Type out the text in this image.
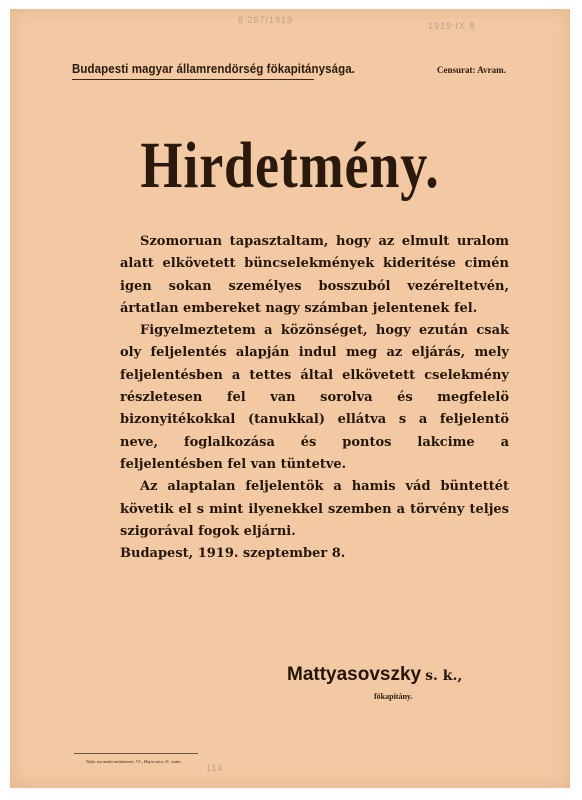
8 287/1919
1919 IX 8
114
Budapesti magyar államrendörség fökapitánysága.	Censurat: Avram.
Hirdetmény.

Szomoruan tapasztaltam, hogy az elmult uralom alatt elkövetett büncselekmények kideritése cimén igen sokan személyes bosszuból vezéreltetvén, ártatlan embereket nagy számban jelentenek fel.

Figyelmeztetem a közönséget, hogy ezután csak oly feljelentés alapján indul meg az eljárás, mely feljelentésben a tettes által elkövetett cselekmény részletesen fel van sorolva és megfelelö bizonyitékokkal (tanukkal) ellátva s a feljelentö neve, foglalkozása és pontos lakcime a feljelentésben fel van tüntetve.

Az alaptalan feljelentök a hamis vád büntettét követik el s mint ilyenekkel szemben a törvény teljes szigorával fogok eljárni.

Budapest, 1919. szeptember 8.

Mattyasovszky s. k.,
fökapitány.
Nádr. nyomdai müintézete, VI., Hajós-utca 21. szám.
